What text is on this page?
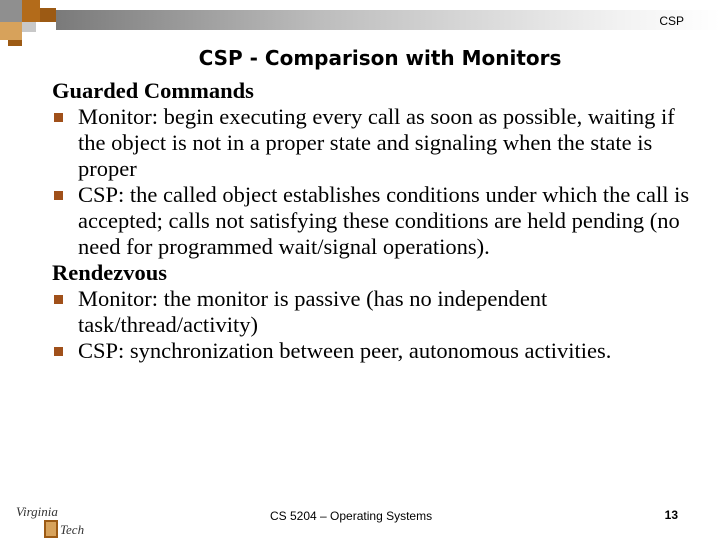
CSP
CSP - Comparison with Monitors

Guarded Commands

Monitor: begin executing every call as soon as possible, waiting if the object is not in a proper state and signaling when the state is proper

CSP: the called object establishes conditions under which the call is accepted; calls not satisfying these conditions are held pending (no need for programmed wait/signal operations).

Rendezvous

Monitor: the monitor is passive (has no independent task/thread/activity)

CSP: synchronization between peer, autonomous activities.

Virginia
Tech
CS 5204 – Operating Systems	13
